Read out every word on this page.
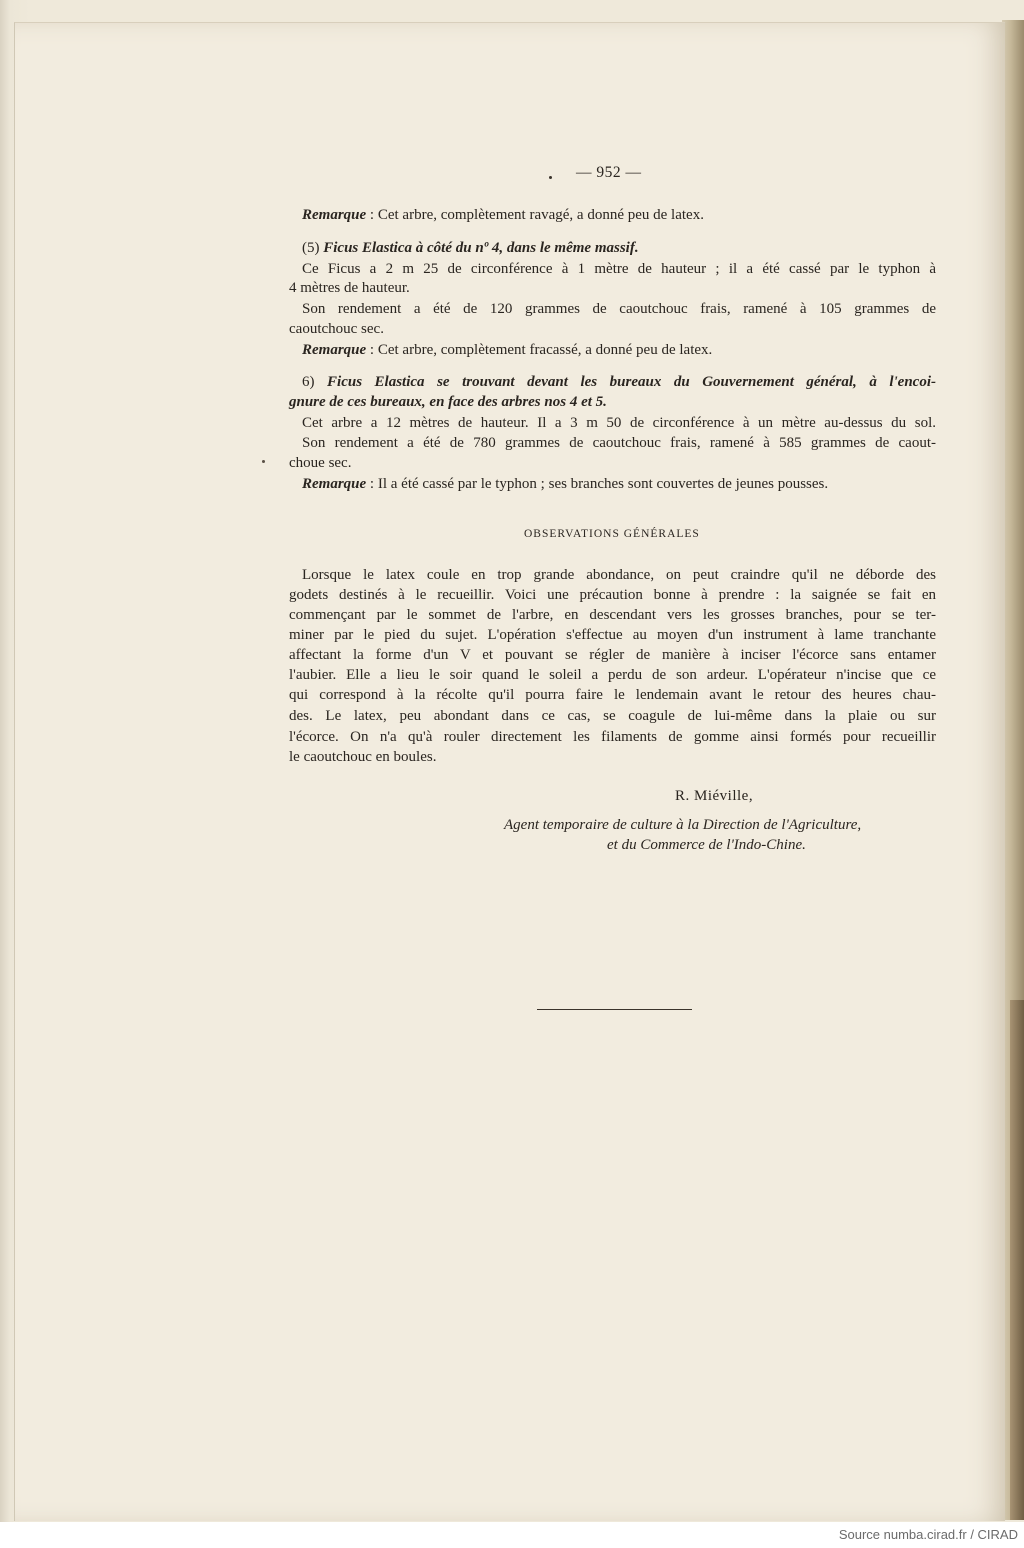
— 952 —
Remarque : Cet arbre, complètement ravagé, a donné peu de latex.
(5) Ficus Elastica à côté du nº 4, dans le même massif.
Ce Ficus a 2 m 25 de circonférence à 1 mètre de hauteur ; il a été cassé par le typhon à
4 mètres de hauteur.
Son rendement a été de 120 grammes de caoutchouc frais, ramené à 105 grammes de
caoutchouc sec.
Remarque : Cet arbre, complètement fracassé, a donné peu de latex.
6) Ficus Elastica se trouvant devant les bureaux du Gouvernement général, à l'encoi-
gnure de ces bureaux, en face des arbres nos 4 et 5.
Cet arbre a 12 mètres de hauteur. Il a 3 m 50 de circonférence à un mètre au-dessus du sol.
Son rendement a été de 780 grammes de caoutchouc frais, ramené à 585 grammes de caout-
choue sec.
Remarque : Il a été cassé par le typhon ; ses branches sont couvertes de jeunes pousses.
OBSERVATIONS GÉNÉRALES
Lorsque le latex coule en trop grande abondance, on peut craindre qu'il ne déborde des
godets destinés à le recueillir. Voici une précaution bonne à prendre : la saignée se fait en
commençant par le sommet de l'arbre, en descendant vers les grosses branches, pour se ter-
miner par le pied du sujet. L'opération s'effectue au moyen d'un instrument à lame tranchante
affectant la forme d'un V et pouvant se régler de manière à inciser l'écorce sans entamer
l'aubier. Elle a lieu le soir quand le soleil a perdu de son ardeur. L'opérateur n'incise que ce
qui correspond à la récolte qu'il pourra faire le lendemain avant le retour des heures chau-
des. Le latex, peu abondant dans ce cas, se coagule de lui-même dans la plaie ou sur
l'écorce. On n'a qu'à rouler directement les filaments de gomme ainsi formés pour recueillir
le caoutchouc en boules.
R. Miéville,
Agent temporaire de culture à la Direction de l'Agriculture,
et du Commerce de l'Indo-Chine.
Source numba.cirad.fr / CIRAD
